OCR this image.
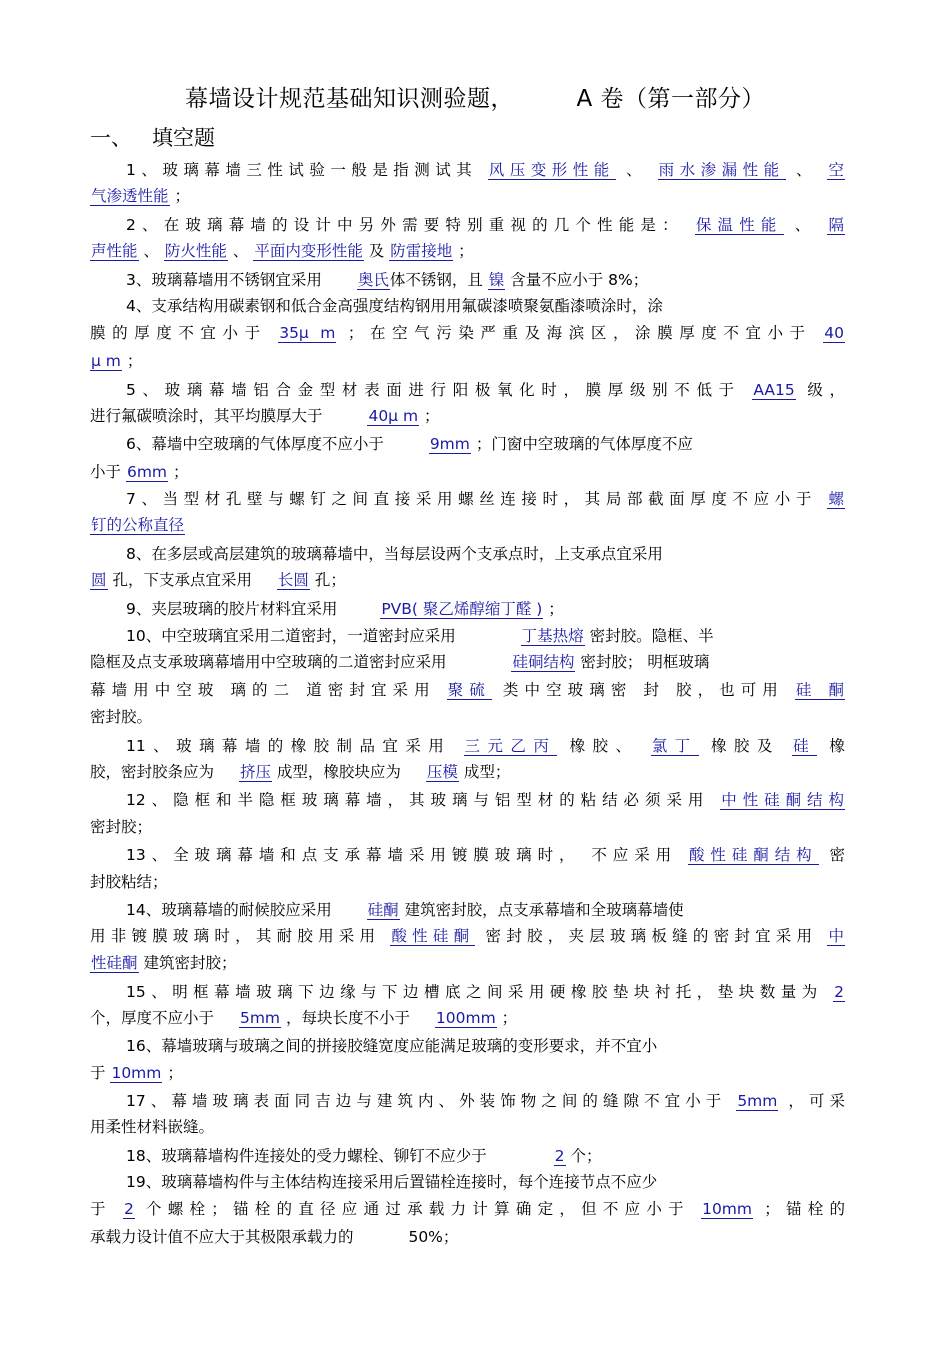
幕墙设计规范基础知识测验题，        A 卷（第一部分）
一、   填空题
1、玻璃幕墙三性试验一般是指测试其 风压变形性能 、 雨水渗漏性能 、 空
气渗透性能 ；
2、在玻璃幕墙的设计中另外需要特别重视的几个性能是： 保温性能 、 隔
声性能 、 防火性能 、 平面内变形性能 及 防雷接地 ；
3、玻璃幕墙用不锈钢宜采用 奥氏体不锈钢，且 镍 含量不应小于 8%；
4、支承结构用碳素钢和低合金高强度结构钢用用氟碳漆喷聚氨酯漆喷涂时，涂
膜的厚度不宜小于 35μ m ；在空气污染严重及海滨区，涂膜厚度不宜小于 40
μ m ；
5、玻璃幕墙铝合金型材表面进行阳极氧化时，膜厚级别不低于 AA15 级，
进行氟碳喷涂时，其平均膜厚大于	40μ m ；
6、幕墙中空玻璃的气体厚度不应小于	9mm ；门窗中空玻璃的气体厚度不应
小于 6mm ；
7、当型材孔壁与螺钉之间直接采用螺丝连接时，其局部截面厚度不应小于 螺
钉的公称直径
8、在多层或高层建筑的玻璃幕墙中，当每层设两个支承点时，上支承点宜采用
圆 孔，下支承点宜采用 长圆 孔；
9、夹层玻璃的胶片材料宜采用	PVB( 聚乙烯醇缩丁醛 ) ；
10、中空玻璃宜采用二道密封，一道密封应采用	丁基热熔 密封胶。隐框、半
隐框及点支承玻璃幕墙用中空玻璃的二道密封应采用	硅硐结构 密封胶； 明框玻璃
幕墙用中空玻 璃的二 道密封宜采用 聚硫 类中空玻璃密 封 胶，也可用 硅 酮
密封胶。
11、玻璃幕墙的橡胶制品宜采用 三元乙丙 橡胶、 氯丁 橡胶及 硅 橡
胶，密封胶条应为 挤压 成型，橡胶块应为 压模 成型；
12、隐框和半隐框玻璃幕墙，其玻璃与铝型材的粘结必须采用 中性硅酮结构
密封胶；
13、全玻璃幕墙和点支承幕墙采用镀膜玻璃时， 不应采用 酸性硅酮结构 密
封胶粘结；
14、玻璃幕墙的耐候胶应采用 硅酮 建筑密封胶，点支承幕墙和全玻璃幕墙使
用非镀膜玻璃时，其耐胶用采用 酸性硅酮 密封胶，夹层玻璃板缝的密封宜采用 中
性硅酮 建筑密封胶；
15、明框幕墙玻璃下边缘与下边槽底之间采用硬橡胶垫块衬托，垫块数量为 2
个，厚度不应小于 5mm ，每块长度不小于 100mm ；
16、幕墙玻璃与玻璃之间的拼接胶缝宽度应能满足玻璃的变形要求，并不宜小
于 10mm ；
17、幕墙玻璃表面同吉边与建筑内、外装饰物之间的缝隙不宜小于 5mm ，可采
用柔性材料嵌缝。
18、玻璃幕墙构件连接处的受力螺栓、铆钉不应少于	2 个；
19、玻璃幕墙构件与主体结构连接采用后置锚栓连接时，每个连接节点不应少
于 2 个螺栓；锚栓的直径应通过承载力计算确定，但不应小于 10mm ；锚栓的
承载力设计值不应大于其极限承载力的	50%；
